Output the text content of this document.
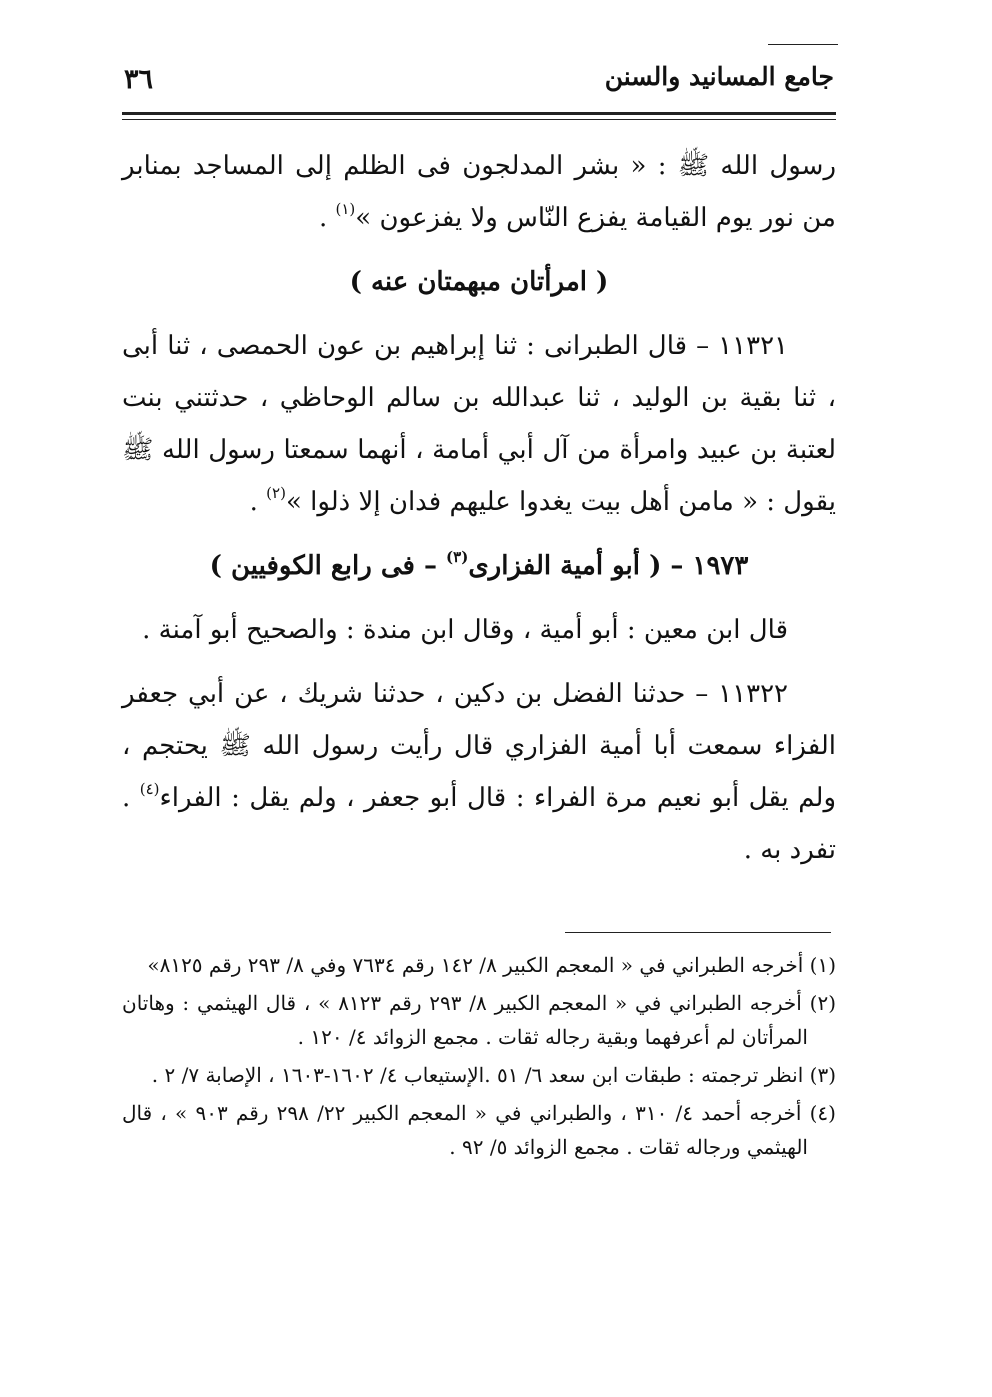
جامع المسانيد والسنن
٣٦

رسول الله ﷺ : « بشر المدلجون فى الظلم إلى المساجد بمنابر من نور يوم القيامة يفزع النّاس ولا يفزعون »$^{(١)}$ .

( امرأتان مبهمتان عنه )

١١٣٢١ – قال الطبرانى : ثنا إبراهيم بن عون الحمصى ، ثنا أبى ، ثنا بقية بن الوليد ، ثنا عبدالله بن سالم الوحاظي ، حدثتني بنت لعتبة بن عبيد وامرأة من آل أبي أمامة ، أنهما سمعتا رسول الله ﷺ يقول : « مامن أهل بيت يغدوا عليهم فدان إلا ذلوا »$^{(٢)}$ .

١٩٧٣ – ( أبو أمية الفزارى$^{(٣)}$ – فى رابع الكوفيين )

قال ابن معين : أبو أمية ، وقال ابن مندة : والصحيح أبو آمنة .

١١٣٢٢ – حدثنا الفضل بن دكين ، حدثنا شريك ، عن أبي جعفر الفزاء سمعت أبا أمية الفزاري قال رأيت رسول الله ﷺ يحتجم ، ولم يقل أبو نعيم مرة الفراء : قال أبو جعفر ، ولم يقل : الفراء$^{(٤)}$ . تفرد به .

(١) أخرجه الطبراني في « المعجم الكبير ٨/ ١٤٢ رقم ٧٦٣٤ وفي ٨/ ٢٩٣ رقم ٨١٢٥»

(٢) أخرجه الطبراني في « المعجم الكبير ٨/ ٢٩٣ رقم ٨١٢٣ » ، قال الهيثمي : وهاتان المرأتان لم أعرفهما وبقية رجاله ثقات . مجمع الزوائد ٤/ ١٢٠ .

(٣) انظر ترجمته : طبقات ابن سعد ٦/ ٥١ .الإستيعاب ٤/ ١٦٠٢-١٦٠٣ ، الإصابة ٧/ ٢ .

(٤) أخرجه أحمد ٤/ ٣١٠ ، والطبراني في « المعجم الكبير ٢٢/ ٢٩٨ رقم ٩٠٣ » ، قال الهيثمي ورجاله ثقات . مجمع الزوائد ٥/ ٩٢ .
